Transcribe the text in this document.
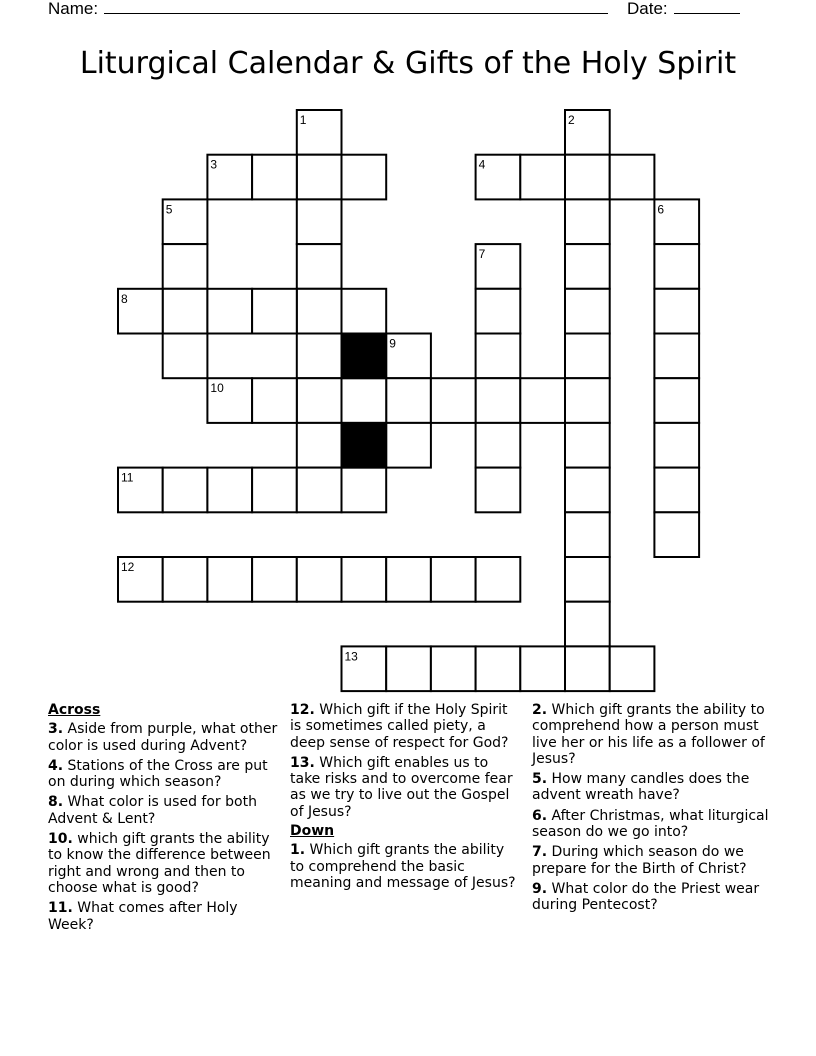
Name:	Date:
Liturgical Calendar & Gifts of the Holy Spirit
1	2
3	4
5	6
7
8
9
10
11
12
13
Across
3. Aside from purple, what other color is used during Advent?
4. Stations of the Cross are put on during which season?
8. What color is used for both Advent & Lent?
10. which gift grants the ability to know the difference between right and wrong and then to choose what is good?
11. What comes after Holy Week?
12. Which gift if the Holy Spirit is sometimes called piety, a deep sense of respect for God?
13. Which gift enables us to take risks and to overcome fear as we try to live out the Gospel of Jesus?
Down
1. Which gift grants the ability to comprehend the basic meaning and message of Jesus?
2. Which gift grants the ability to comprehend how a person must live her or his life as a follower of Jesus?
5. How many candles does the advent wreath have?
6. After Christmas, what liturgical season do we go into?
7. During which season do we prepare for the Birth of Christ?
9. What color do the Priest wear during Pentecost?
